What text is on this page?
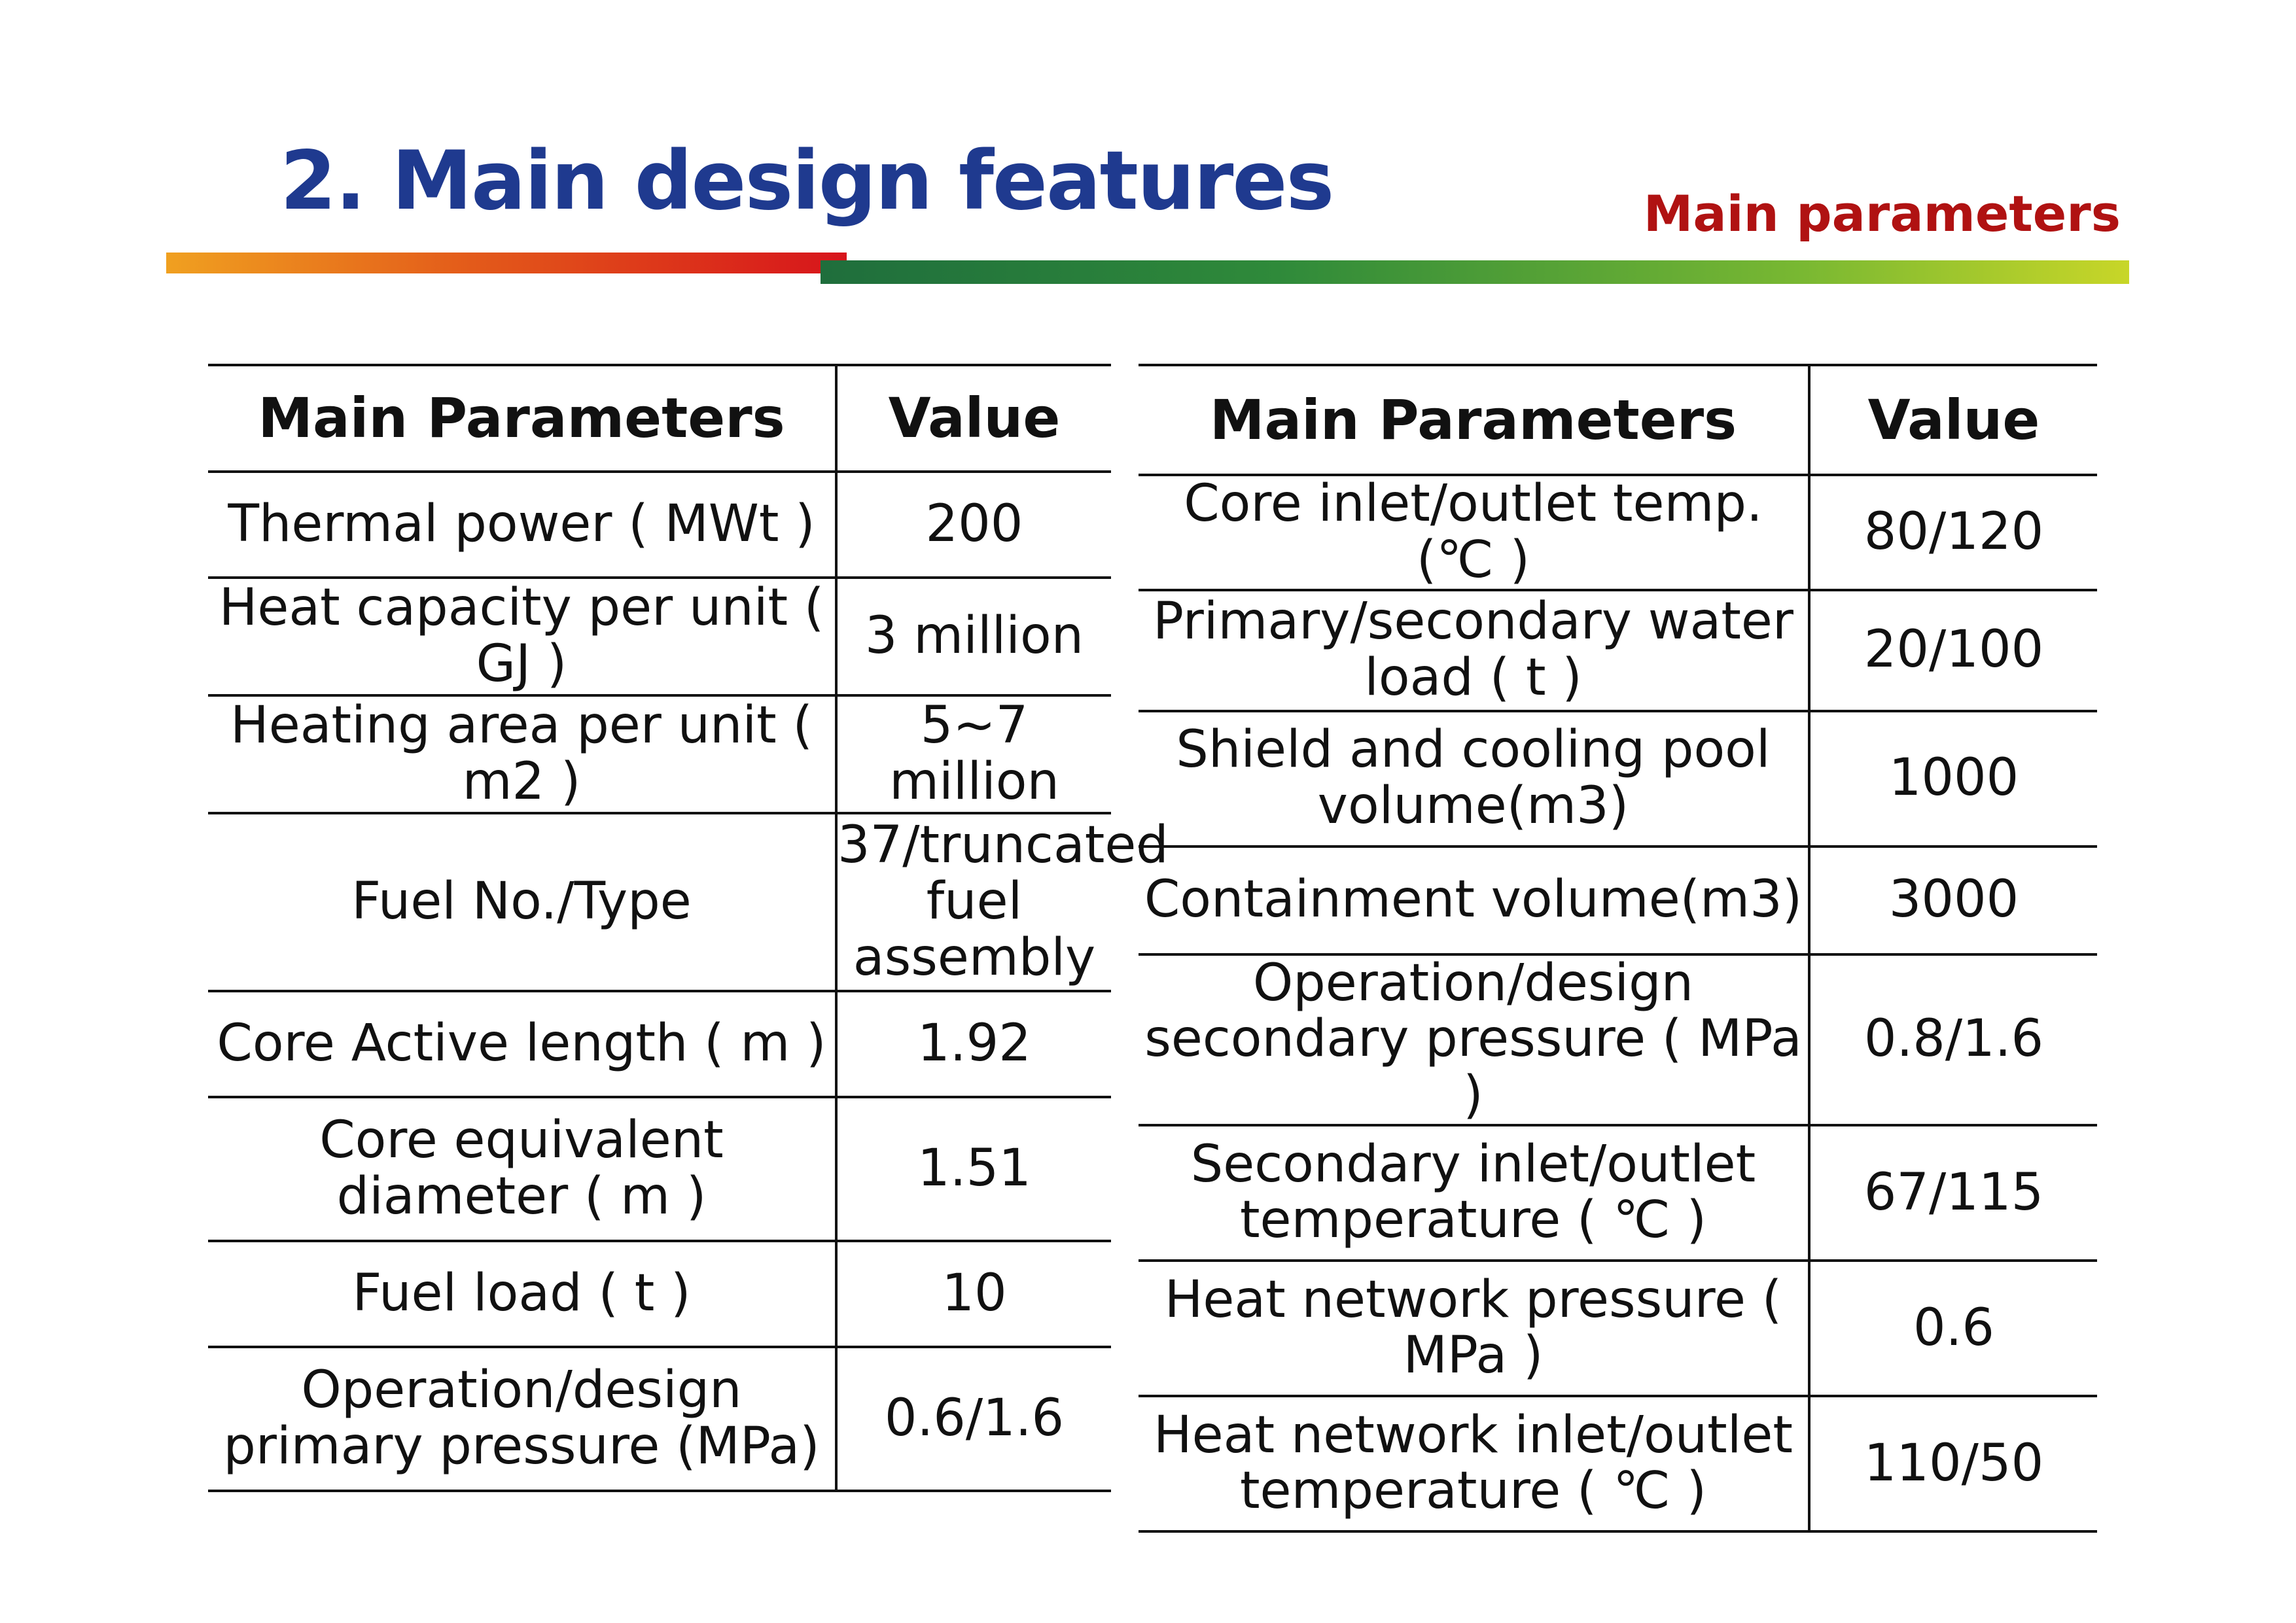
2. Main design features	Main parameters
Main Parameters	Value
Thermal power ( MWt )	200
Heat capacity per unit ( GJ )	3 million
Heating area per unit ( m2 )	5~7 million
Fuel No./Type	37/truncated fuel assembly
Core Active length ( m )	1.92
Core equivalent diameter ( m )	1.51
Fuel load ( t )	10
Operation/design primary pressure (MPa)	0.6/1.6
Main Parameters	Value
Core inlet/outlet temp. (℃ )	80/120
Primary/secondary water load ( t )	20/100
Shield and cooling pool volume(m3)	1000
Containment volume(m3)	3000
Operation/design secondary pressure ( MPa )	0.8/1.6
Secondary inlet/outlet temperature ( ℃ )	67/115
Heat network pressure ( MPa )	0.6
Heat network inlet/outlet temperature ( ℃ )	110/50
